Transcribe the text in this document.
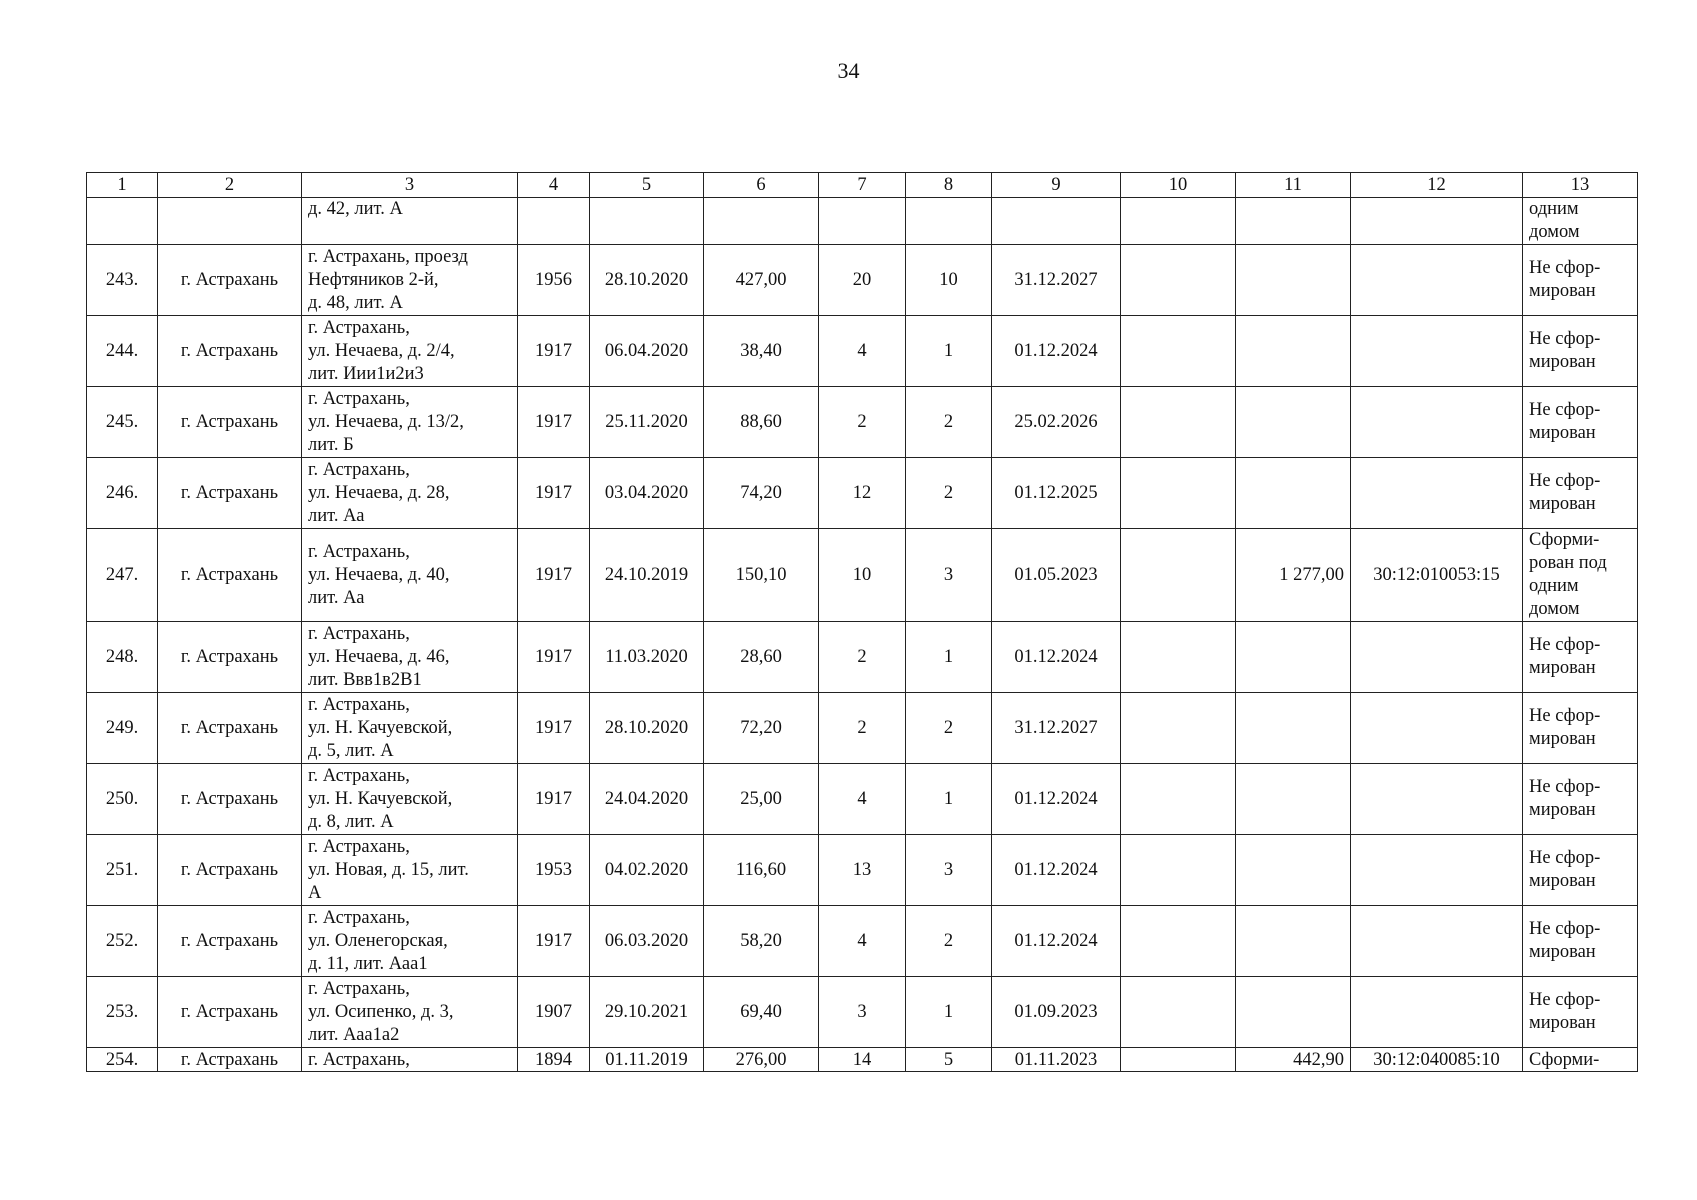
34
1	2	3	4	5	6	7	8	9	10	11	12	13
		д. 42, лит. А										одним
домом
243.	г. Астрахань	г. Астрахань, проезд
Нефтяников 2-й,
д. 48, лит. А	1956	28.10.2020	427,00	20	10	31.12.2027				Не сфор-
мирован
244.	г. Астрахань	г. Астрахань,
ул. Нечаева, д. 2/4,
лит. Иии1и2и3	1917	06.04.2020	38,40	4	1	01.12.2024				Не сфор-
мирован
245.	г. Астрахань	г. Астрахань,
ул. Нечаева, д. 13/2,
лит. Б	1917	25.11.2020	88,60	2	2	25.02.2026				Не сфор-
мирован
246.	г. Астрахань	г. Астрахань,
ул. Нечаева, д. 28,
лит. Аа	1917	03.04.2020	74,20	12	2	01.12.2025				Не сфор-
мирован
247.	г. Астрахань	г. Астрахань,
ул. Нечаева, д. 40,
лит. Аа	1917	24.10.2019	150,10	10	3	01.05.2023		1 277,00	30:12:010053:15	Сформи-
рован под
одним
домом
248.	г. Астрахань	г. Астрахань,
ул. Нечаева, д. 46,
лит. Ввв1в2В1	1917	11.03.2020	28,60	2	1	01.12.2024				Не сфор-
мирован
249.	г. Астрахань	г. Астрахань,
ул. Н. Качуевской,
д. 5, лит. А	1917	28.10.2020	72,20	2	2	31.12.2027				Не сфор-
мирован
250.	г. Астрахань	г. Астрахань,
ул. Н. Качуевской,
д. 8, лит. А	1917	24.04.2020	25,00	4	1	01.12.2024				Не сфор-
мирован
251.	г. Астрахань	г. Астрахань,
ул. Новая, д. 15, лит.
А	1953	04.02.2020	116,60	13	3	01.12.2024				Не сфор-
мирован
252.	г. Астрахань	г. Астрахань,
ул. Оленегорская,
д. 11, лит. Ааа1	1917	06.03.2020	58,20	4	2	01.12.2024				Не сфор-
мирован
253.	г. Астрахань	г. Астрахань,
ул. Осипенко, д. 3,
лит. Ааа1а2	1907	29.10.2021	69,40	3	1	01.09.2023				Не сфор-
мирован
254.	г. Астрахань	г. Астрахань,	1894	01.11.2019	276,00	14	5	01.11.2023		442,90	30:12:040085:10	Сформи-
